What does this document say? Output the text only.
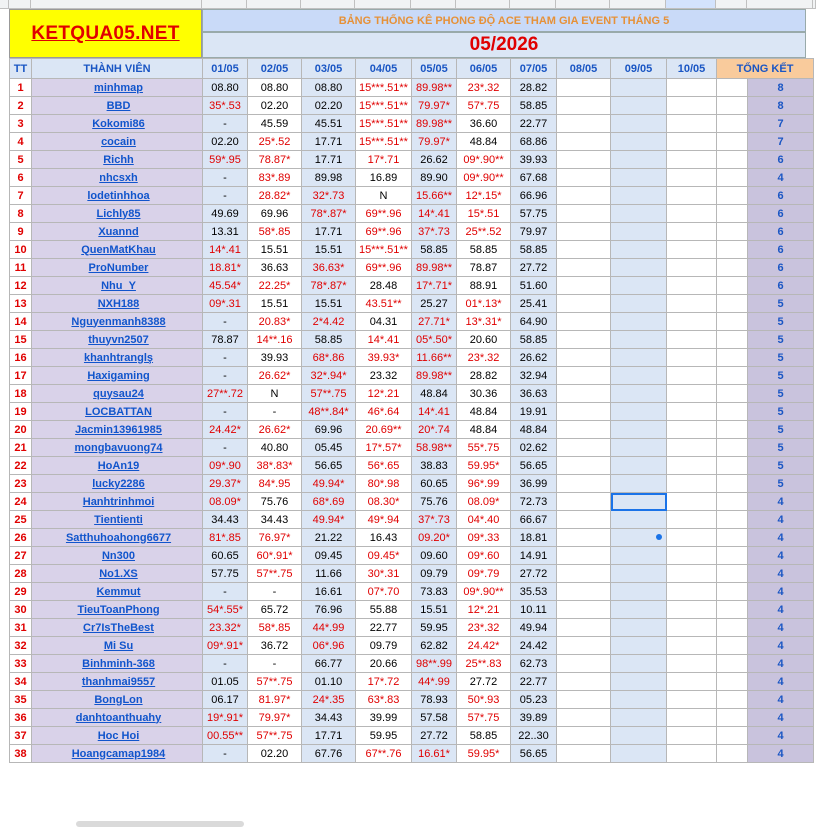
KETQUA05.NET
BẢNG THỐNG KÊ PHONG ĐỘ ACE THAM GIA EVENT THÁNG 5
05/2026
TT	THÀNH VIÊN	01/05	02/05	03/05	04/05	05/05	06/05	07/05	08/05	09/05	10/05	TỔNG KẾT	
1	minhmap	08.80	08.80	08.80	15***.51**	89.98**	23*.32	28.82					8
2	BBD	35*.53	02.20	02.20	15***.51**	79.97*	57*.75	58.85					8
3	Kokomi86	-	45.59	45.51	15***.51**	89.98**	36.60	22.77					7
4	cocain	02.20	25*.52	17.71	15***.51**	79.97*	48.84	68.86					7
5	Richh	59*.95	78.87*	17.71	17*.71	26.62	09*.90**	39.93					6
6	nhcsxh	-	83*.89	89.98	16.89	89.90	09*.90**	67.68					4
7	lodetinhhoa	-	28.82*	32*.73	N	15.66**	12*.15*	66.96					6
8	Lichly85	49.69	69.96	78*.87*	69**.96	14*.41	15*.51	57.75					6
9	Xuannd	13.31	58*.85	17.71	69**.96	37*.73	25**.52	79.97					6
10	QuenMatKhau	14*.41	15.51	15.51	15***.51**	58.85	58.85	58.85					6
11	ProNumber	18.81*	36.63	36.63*	69**.96	89.98**	78.87	27.72					6
12	Nhu_Y	45.54*	22.25*	78*.87*	28.48	17*.71*	88.91	51.60					6
13	NXH188	09*.31	15.51	15.51	43.51**	25.27	01*.13*	25.41					5
14	Nguyenmanh8388	-	20.83*	2*4.42	04.31	27.71*	13*.31*	64.90					5
15	thuyvn2507	78.87	14**.16	58.85	14*.41	05*.50*	20.60	58.85					5
16	khanhtranglş	-	39.93	68*.86	39.93*	11.66**	23*.32	26.62					5
17	Haxigaming	-	26.62*	32*.94*	23.32	89.98**	28.82	32.94					5
18	quysau24	27**.72	N	57**.75	12*.21	48.84	30.36	36.63					5
19	LOCBATTAN	-	-	48**.84*	46*.64	14*.41	48.84	19.91					5
20	Jacmin13961985	24.42*	26.62*	69.96	20.69**	20*.74	48.84	48.84					5
21	mongbavuong74	-	40.80	05.45	17*.57*	58.98**	55*.75	02.62					5
22	HoAn19	09*.90	38*.83*	56.65	56*.65	38.83	59.95*	56.65					5
23	lucky2286	29.37*	84*.95	49.94*	80*.98	60.65	96*.99	36.99					5
24	Hanhtrinhmoi	08.09*	75.76	68*.69	08.30*	75.76	08.09*	72.73					4
25	Tientienti	34.43	34.43	49.94*	49*.94	37*.73	04*.40	66.67					4
26	Satthuhoahong6677	81*.85	76.97*	21.22	16.43	09.20*	09*.33	18.81					4
27	Nn300	60.65	60*.91*	09.45	09.45*	09.60	09*.60	14.91					4
28	No1.XS	57.75	57**.75	11.66	30*.31	09.79	09*.79	27.72					4
29	Kemmut	-	-	16.61	07*.70	73.83	09*.90**	35.53					4
30	TieuToanPhong	54*.55*	65.72	76.96	55.88	15.51	12*.21	10.11					4
31	Cr7IsTheBest	23.32*	58*.85	44*.99	22.77	59.95	23*.32	49.94					4
32	Mi Su	09*.91*	36.72	06*.96	09.79	62.82	24.42*	24.42					4
33	Binhminh-368	-	-	66.77	20.66	98**.99	25**.83	62.73					4
34	thanhmai9557	01.05	57**.75	01.10	17*.72	44*.99	27.72	22.77					4
35	BongLon	06.17	81.97*	24*.35	63*.83	78.93	50*.93	05.23					4
36	danhtoanthuahy	19*.91*	79.97*	34.43	39.99	57.58	57*.75	39.89					4
37	Hoc Hoi	00.55**	57**.75	17.71	59.95	27.72	58.85	22..30					4
38	Hoangcamap1984	-	02.20	67.76	67**.76	16.61*	59.95*	56.65					4
